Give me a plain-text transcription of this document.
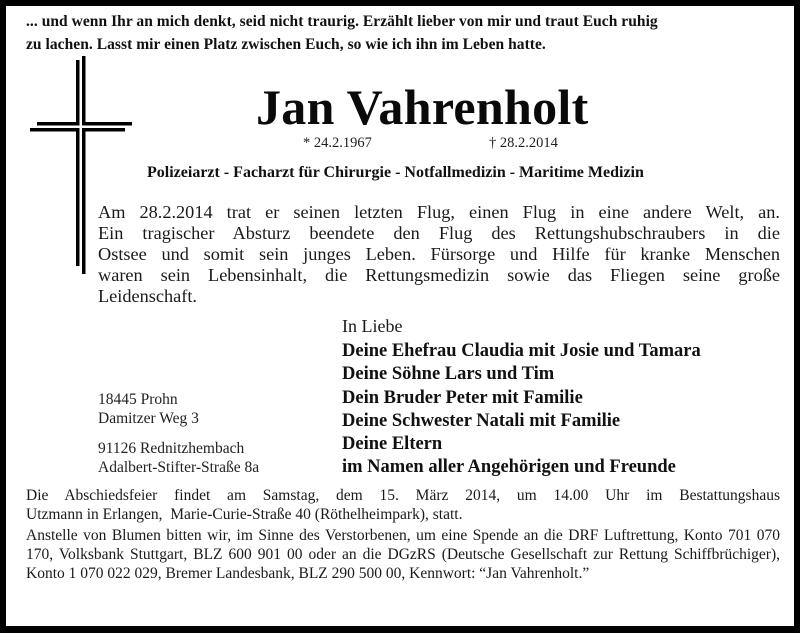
... und wenn Ihr an mich denkt, seid nicht traurig. Erzählt lieber von mir und traut Euch ruhig
zu lachen. Lasst mir einen Platz zwischen Euch, so wie ich ihn im Leben hatte.
Jan Vahrenholt
* 24.2.1967	† 28.2.2014
Polizeiarzt - Facharzt für Chirurgie - Notfallmedizin - Maritime Medizin

Am 28.2.2014 trat er seinen letzten Flug, einen Flug in eine andere Welt, an.

Ein tragischer Absturz beendete den Flug des Rettungshubschraubers in die

Ostsee und somit sein junges Leben. Fürsorge und Hilfe für kranke Menschen

waren sein Lebensinhalt, die Rettungsmedizin sowie das Fliegen seine große

Leidenschaft.

In Liebe
Deine Ehefrau Claudia mit Josie und Tamara
Deine Söhne Lars und Tim
Dein Bruder Peter mit Familie
Deine Schwester Natali mit Familie
Deine Eltern
im Namen aller Angehörigen und Freunde
18445 Prohn
Damitzer Weg 3
91126 Rednitzhembach
Adalbert-Stifter-Straße 8a

Die Abschiedsfeier findet am Samstag, dem 15. März 2014, um 14.00 Uhr im Bestattungshaus

Utzmann in Erlangen,  Marie-Curie-Straße 40 (Röthelheimpark), statt.

Anstelle von Blumen bitten wir, im Sinne des Verstorbenen, um eine Spende an die DRF Luftrettung, Konto 701 070 170, Volksbank Stuttgart, BLZ 600 901 00 oder an die DGzRS (Deutsche Gesellschaft zur Rettung Schiffbrüchiger), Konto 1 070 022 029, Bremer Landesbank, BLZ 290 500 00, Kennwort: “Jan Vahrenholt.”
